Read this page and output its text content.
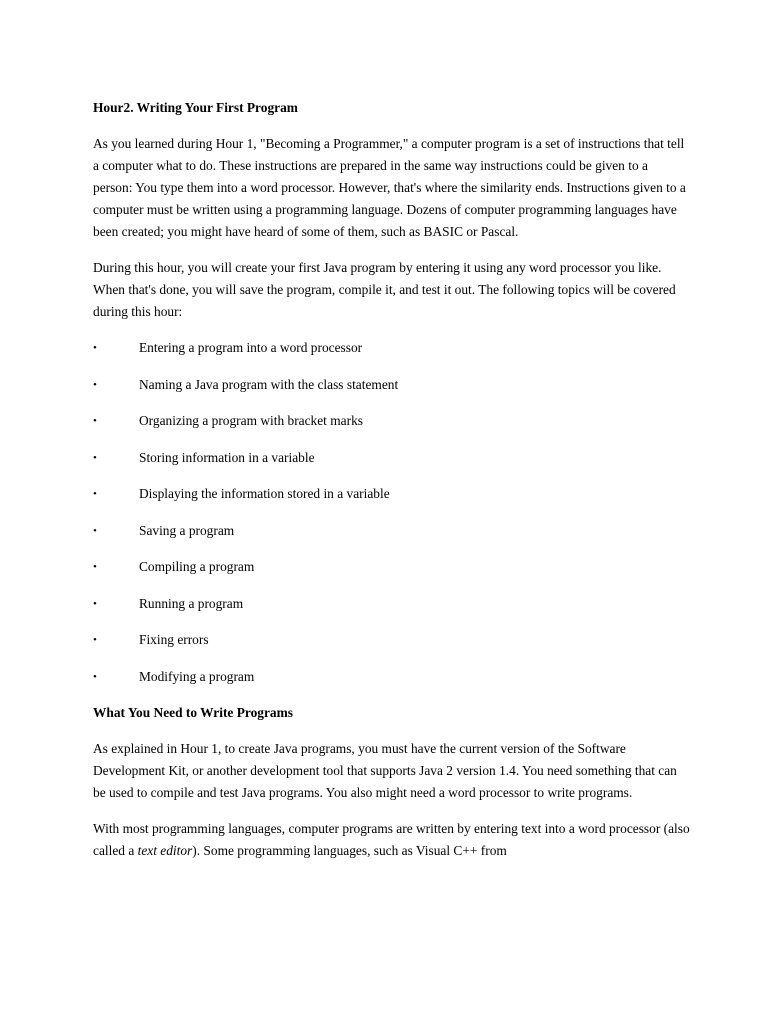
Hour2. Writing Your First Program

As you learned during Hour 1, "Becoming a Programmer," a computer program is a set of instructions that tell a computer what to do. These instructions are prepared in the same way instructions could be given to a person: You type them into a word processor. However, that's where the similarity ends. Instructions given to a computer must be written using a programming language. Dozens of computer programming languages have been created; you might have heard of some of them, such as BASIC or Pascal.

During this hour, you will create your first Java program by entering it using any word processor you like. When that's done, you will save the program, compile it, and test it out. The following topics will be covered during this hour:

•	Entering a program into a word processor
•	Naming a Java program with the class statement
•	Organizing a program with bracket marks
•	Storing information in a variable
•	Displaying the information stored in a variable
•	Saving a program
•	Compiling a program
•	Running a program
•	Fixing errors
•	Modifying a program
What You Need to Write Programs

As explained in Hour 1, to create Java programs, you must have the current version of the Software Development Kit, or another development tool that supports Java 2 version 1.4. You need something that can be used to compile and test Java programs. You also might need a word processor to write programs.

With most programming languages, computer programs are written by entering text into a word processor (also called a text editor). Some programming languages, such as Visual C++ from
